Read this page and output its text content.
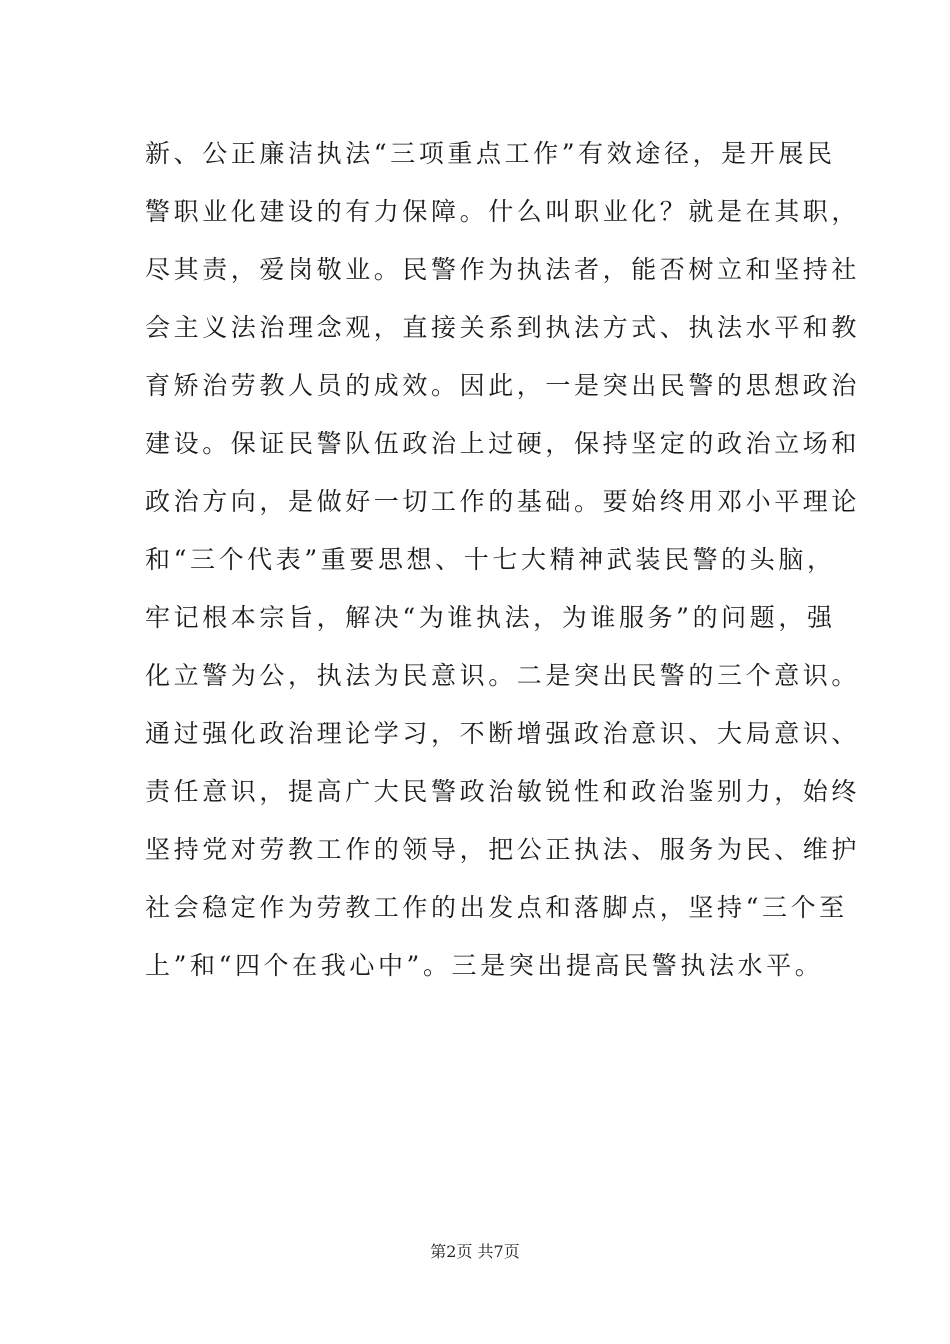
新、公正廉洁执法“三项重点工作”有效途径，是开展民
警职业化建设的有力保障。什么叫职业化？就是在其职，
尽其责，爱岗敬业。民警作为执法者，能否树立和坚持社
会主义法治理念观，直接关系到执法方式、执法水平和教
育矫治劳教人员的成效。因此，一是突出民警的思想政治
建设。保证民警队伍政治上过硬，保持坚定的政治立场和
政治方向，是做好一切工作的基础。要始终用邓小平理论
和“三个代表”重要思想、十七大精神武装民警的头脑，
牢记根本宗旨，解决“为谁执法，为谁服务”的问题，强
化立警为公，执法为民意识。二是突出民警的三个意识。
通过强化政治理论学习，不断增强政治意识、大局意识、
责任意识，提高广大民警政治敏锐性和政治鉴别力，始终
坚持党对劳教工作的领导，把公正执法、服务为民、维护
社会稳定作为劳教工作的出发点和落脚点，坚持“三个至
上”和“四个在我心中”。三是突出提高民警执法水平。
第2页 共7页
